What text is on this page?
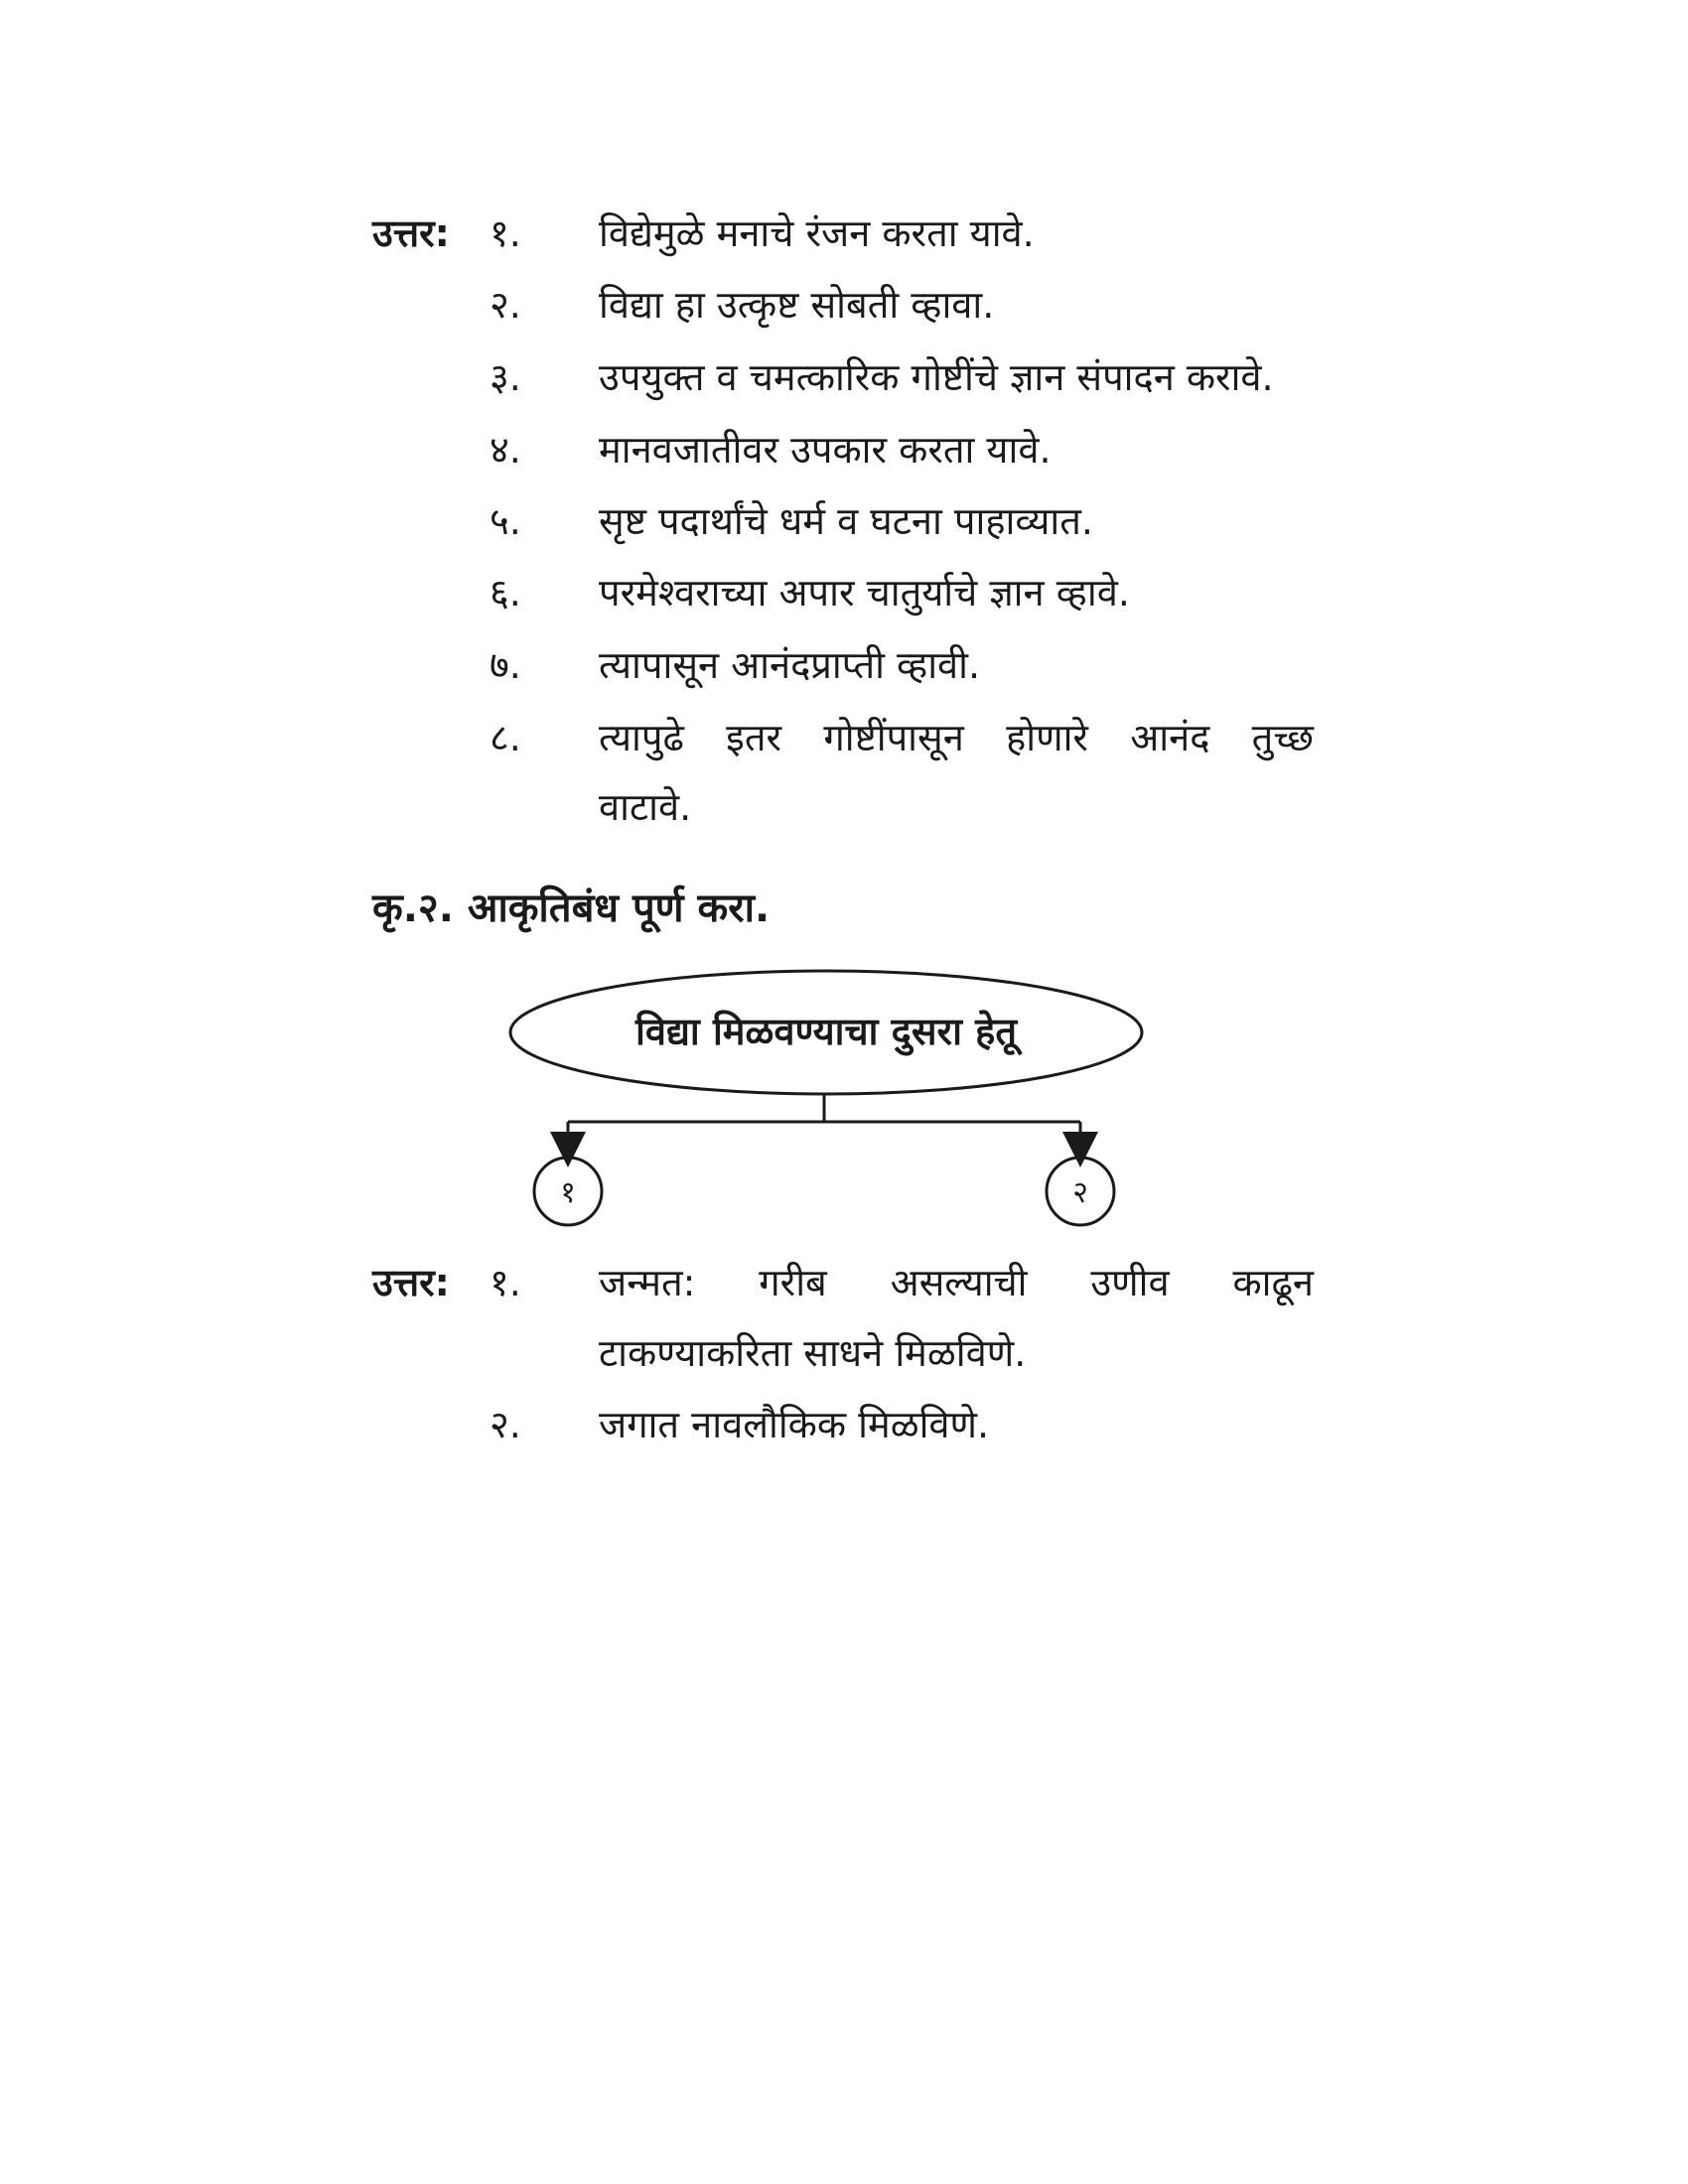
उत्तर: १. विद्येमुळे मनाचे रंजन करता यावे.
२. विद्या हा उत्कृष्ट सोबती व्हावा.
३. उपयुक्त व चमत्कारिक गोष्टींचे ज्ञान संपादन करावे.
४. मानवजातीवर उपकार करता यावे.
५. सृष्ट पदार्थांचे धर्म व घटना पाहाव्यात.
६. परमेश्वराच्या अपार चातुर्याचे ज्ञान व्हावे.
७. त्यापासून आनंदप्राप्ती व्हावी.
८. त्यापुढे इतर गोष्टींपासून होणारे आनंद तुच्छ
वाटावे.
कृ.२. आकृतिबंध पूर्ण करा.
विद्या मिळवण्याचा दुसरा हेतू
१	२
उत्तर: १. जन्मत: गरीब असल्याची उणीव काढून
टाकण्याकरिता साधने मिळविणे.
२. जगात नावलौकिक मिळविणे.
